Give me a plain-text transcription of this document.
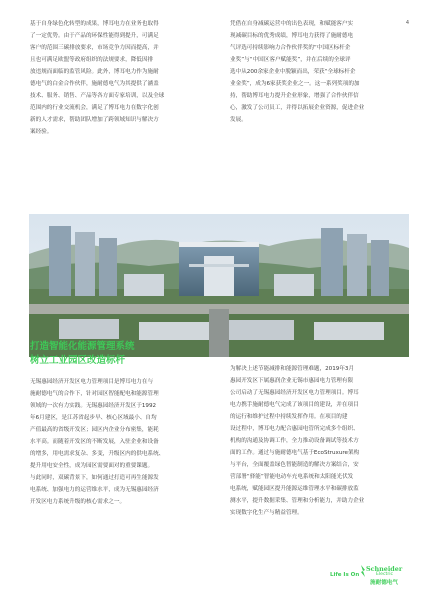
4

基于自身绿色化转型的成果，博耳电力在业务也取得

了一定优势。由于产品的环保性能得到提升，可满足

客户的范围三碳排放要求，市场竞争力因而提高，并

且也可满足欧盟等政府组织的法规要求，降低因排

放违规而面临的监管风险。此外，博耳电力作为施耐

德电气的白金合作伙伴，施耐德电气为其提供了涵盖

技术、服务、销售、产品等各方面专家培训，以及全球

范围内的行业交流机会，满足了博耳电力在数字化创

新的人才需求，帮助团队增加了跨领域知识与解决方

案经验。

凭借在自身减碳运营中的出色表现，和赋能客户实

现减碳目标的优秀成绩，博耳电力获得了施耐德电

气评选可持续影响力合作伙伴奖的“中国区标杆企

业奖”与“中国区客户赋能奖”，并在后续的全球评

选中从200余家企业中脱颖而出，荣获“全球标杆企

业金奖”，成为6家获奖企业之一。这一系列奖项的加

持，帮助博耳电力提升企业形象，增强了合作伙伴信

心，激发了公司员工，并得以拓展企业资源，促进企业

发展。

打造智能化能源管理系统

树立工业园区改造标杆

无锡惠园经济开发区电力管理项目是博耳电力在与

施耐德电气的合作下，针对园区智能配电和能源管理

领域的一次有力实践。无锡惠园经济开发区于1992

年6月建区，是江苏省起步早、核心区域最小、自均

产值最高的省级开发区；园区内企业分布密集，能耗

水平高。而随着开发区的不断发展，入驻企业和设备

的增多，用电需求复杂、多变，升级区内的供电系统、

提升用电安全性，成为园区需要面对的重要课题。

与此同时，双碳背景下，如何通过打造可再生能源发

电系统、加强电力的运营维水平，成为无锡惠园经济

开发区电力系统升级的核心需求之一。

为解决上述节能减排和能源管理难题，2019年3月

惠园开发区下属惠润企业无锡市惠园电力管理有限

公司启动了无锡惠园经济开发区电力管理项目。博耳

电力携手施耐德电气完成了该项目的建设，并在项目

的运行和维护过程中持续发挥作用。在项目的建

设过程中，博耳电力配合惠园电管所完成多个组织、

机构的沟通及协调工作，全力推动设备调试等技术方

面的工作。通过与施耐德电气基于EcoStruxure架构

与平台，全面覆盖绿色智能制造的解决方案结合，安

营部署“驿能”智能电动车充电系统和太阳能光伏发

电系统，赋能园区提升能源运维管理水平和碳排放监

测水平，提升数据采集、管理和分析能力，并助力企业

实现数字化生产与精益管理。

Life Is On
Schneider
Electric
施耐德电气
